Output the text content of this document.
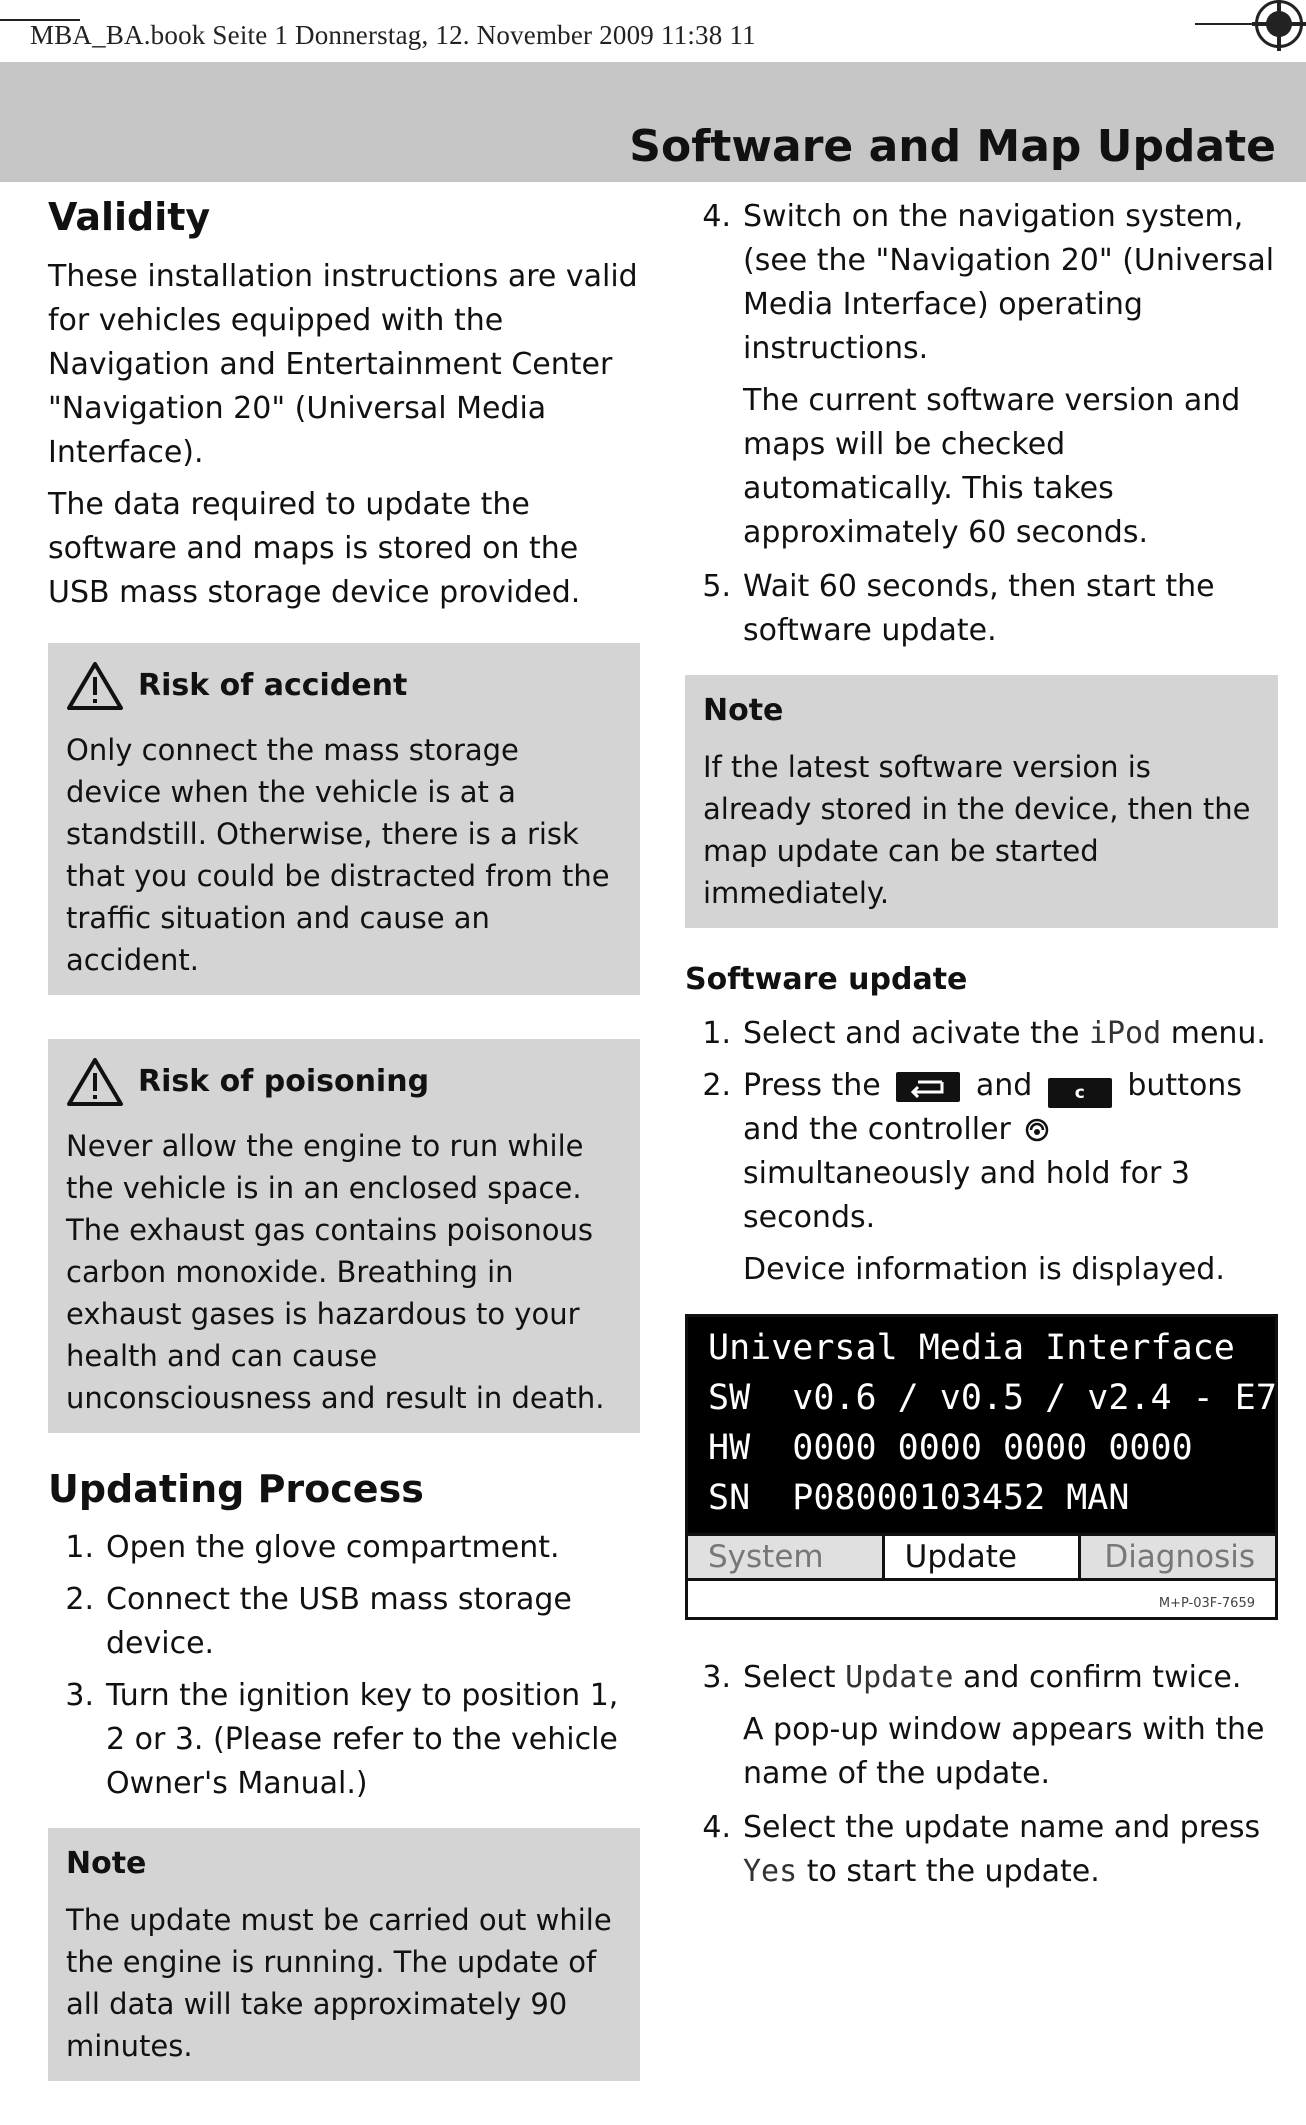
MBA_BA.book Seite 1 Donnerstag, 12. November 2009 11:38 11
Software and Map Update
Validity

These installation instructions are valid for vehicles equipped with the Navigation and Entertainment Center "Navigation 20" (Universal Media Interface).

The data required to update the software and maps is stored on the USB mass storage device provided.

Risk of accident

Only connect the mass storage device when the vehicle is at a standstill. Otherwise, there is a risk that you could be distracted from the traffic situation and cause an accident.

Risk of poisoning

Never allow the engine to run while the vehicle is in an enclosed space. The exhaust gas contains poisonous carbon monoxide. Breathing in exhaust gases is hazardous to your health and can cause unconsciousness and result in death.

Updating Process
1. Open the glove compartment.
2. Connect the USB mass storage device.
3. Turn the ignition key to position 1, 2 or 3. (Please refer to the vehicle Owner's Manual.)
Note

The update must be carried out while the engine is running. The update of all data will take approximately 90 minutes.

4. Switch on the navigation system, (see the "Navigation 20" (Universal Media Interface) operating instructions.

The current software version and maps will be checked automatically. This takes approximately 60 seconds.

5. Wait 60 seconds, then start the software update.
Note

If the latest software version is already stored in the device, then the map update can be started immediately.

Software update
1. Select and acivate the iPod menu.
2. Press the	and	c buttons and the controller  simultaneously and hold for 3 seconds.

Device information is displayed.

Universal Media Interface
SW  v0.6 / v0.5 / v2.4 - E7
HW  0000 0000 0000 0000
SN  P08000103452 MAN
System	Update	Diagnosis
M+P-03F-7659
3. Select Update and confirm twice.

A pop-up window appears with the name of the update.

4. Select the update name and press Yes to start the update.
